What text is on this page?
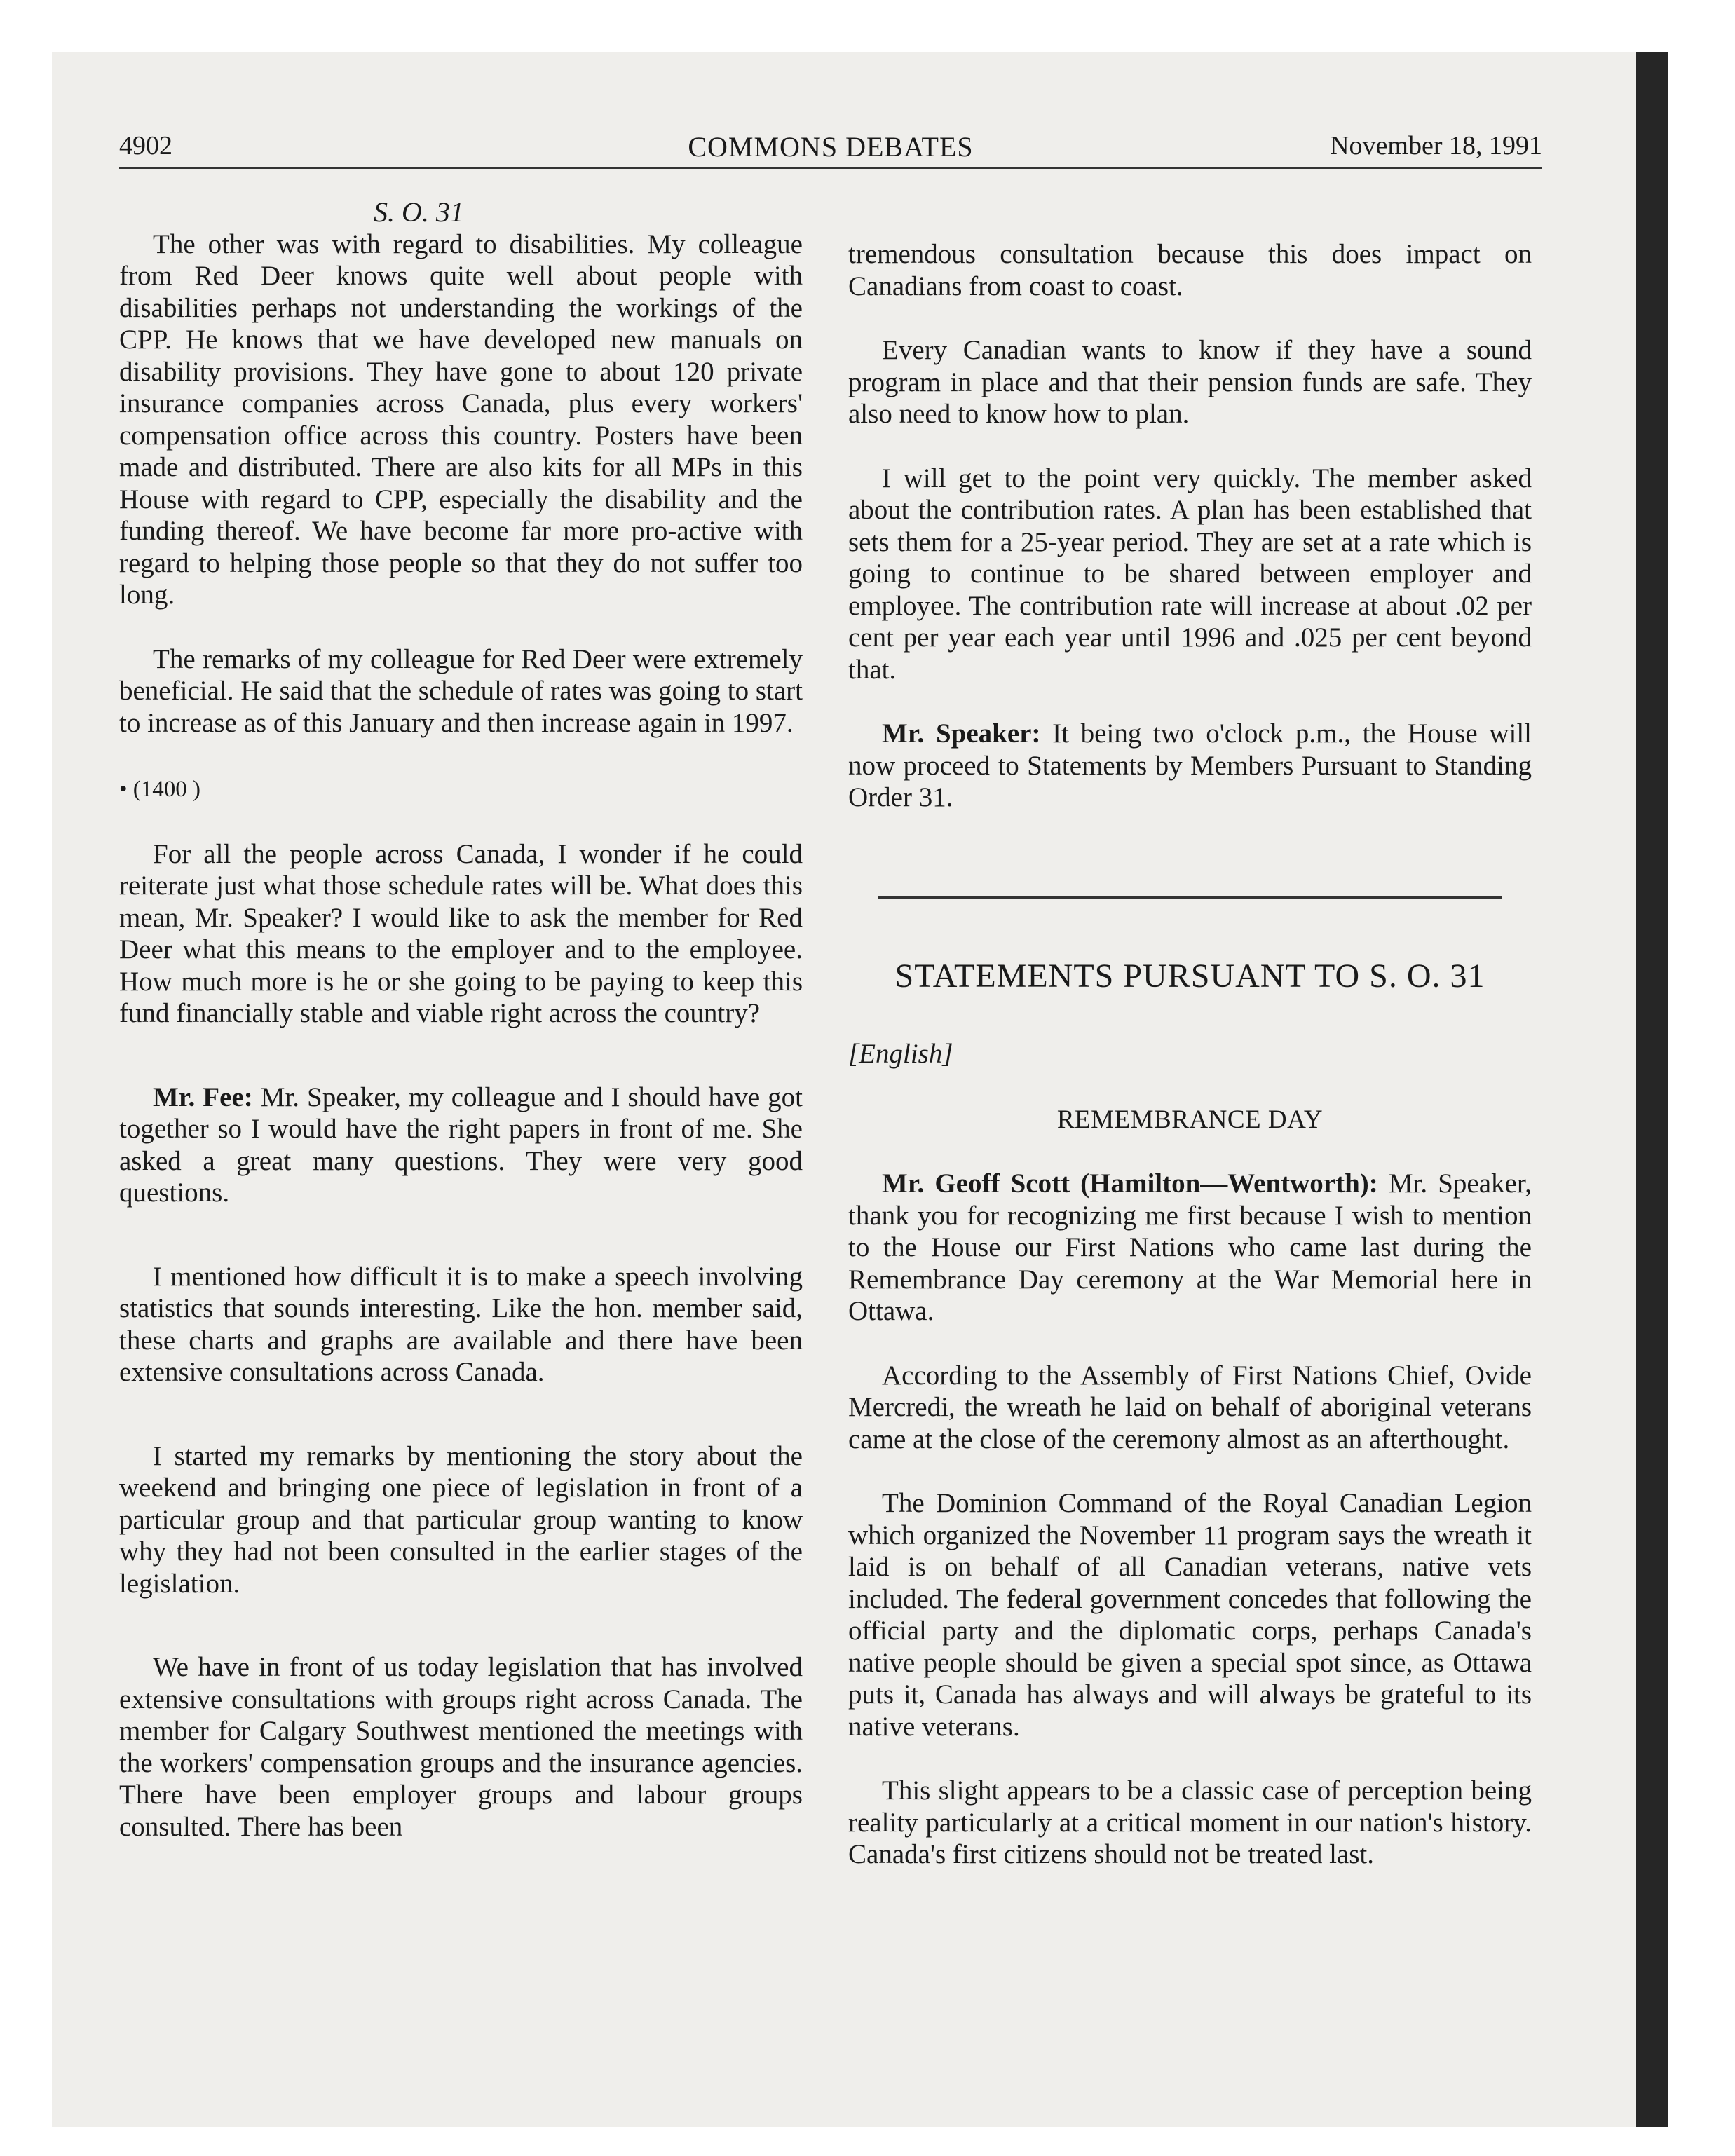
4902	COMMONS DEBATES	November 18, 1991

S. O. 31

The other was with regard to disabilities. My colleague from Red Deer knows quite well about people with disabilities perhaps not understanding the workings of the CPP. He knows that we have developed new manuals on disability provisions. They have gone to about 120 private insurance companies across Canada, plus every workers' compensation office across this country. Posters have been made and distributed. There are also kits for all MPs in this House with regard to CPP, especially the disability and the funding thereof. We have become far more pro-active with regard to helping those people so that they do not suffer too long.

The remarks of my colleague for Red Deer were extremely beneficial. He said that the schedule of rates was going to start to increase as of this January and then increase again in 1997.

• (1400 )

For all the people across Canada, I wonder if he could reiterate just what those schedule rates will be. What does this mean, Mr. Speaker? I would like to ask the member for Red Deer what this means to the employer and to the employee. How much more is he or she going to be paying to keep this fund financially stable and viable right across the country?

Mr. Fee: Mr. Speaker, my colleague and I should have got together so I would have the right papers in front of me. She asked a great many questions. They were very good questions.

I mentioned how difficult it is to make a speech involving statistics that sounds interesting. Like the hon. member said, these charts and graphs are available and there have been extensive consultations across Canada.

I started my remarks by mentioning the story about the weekend and bringing one piece of legislation in front of a particular group and that particular group wanting to know why they had not been consulted in the earlier stages of the legislation.

We have in front of us today legislation that has involved extensive consultations with groups right across Canada. The member for Calgary Southwest mentioned the meetings with the workers' compensation groups and the insurance agencies. There have been employer groups and labour groups consulted. There has been

tremendous consultation because this does impact on Canadians from coast to coast.

Every Canadian wants to know if they have a sound program in place and that their pension funds are safe. They also need to know how to plan.

I will get to the point very quickly. The member asked about the contribution rates. A plan has been established that sets them for a 25-year period. They are set at a rate which is going to continue to be shared between employer and employee. The contribution rate will increase at about .02 per cent per year each year until 1996 and .025 per cent beyond that.

Mr. Speaker: It being two o'clock p.m., the House will now proceed to Statements by Members Pursuant to Standing Order 31.

STATEMENTS PURSUANT TO S. O. 31

[English]

REMEMBRANCE DAY

Mr. Geoff Scott (Hamilton—Wentworth): Mr. Speaker, thank you for recognizing me first because I wish to mention to the House our First Nations who came last during the Remembrance Day ceremony at the War Memorial here in Ottawa.

According to the Assembly of First Nations Chief, Ovide Mercredi, the wreath he laid on behalf of aboriginal veterans came at the close of the ceremony almost as an afterthought.

The Dominion Command of the Royal Canadian Legion which organized the November 11 program says the wreath it laid is on behalf of all Canadian veterans, native vets included. The federal government concedes that following the official party and the diplomatic corps, perhaps Canada's native people should be given a special spot since, as Ottawa puts it, Canada has always and will always be grateful to its native veterans.

This slight appears to be a classic case of perception being reality particularly at a critical moment in our nation's history. Canada's first citizens should not be treated last.
